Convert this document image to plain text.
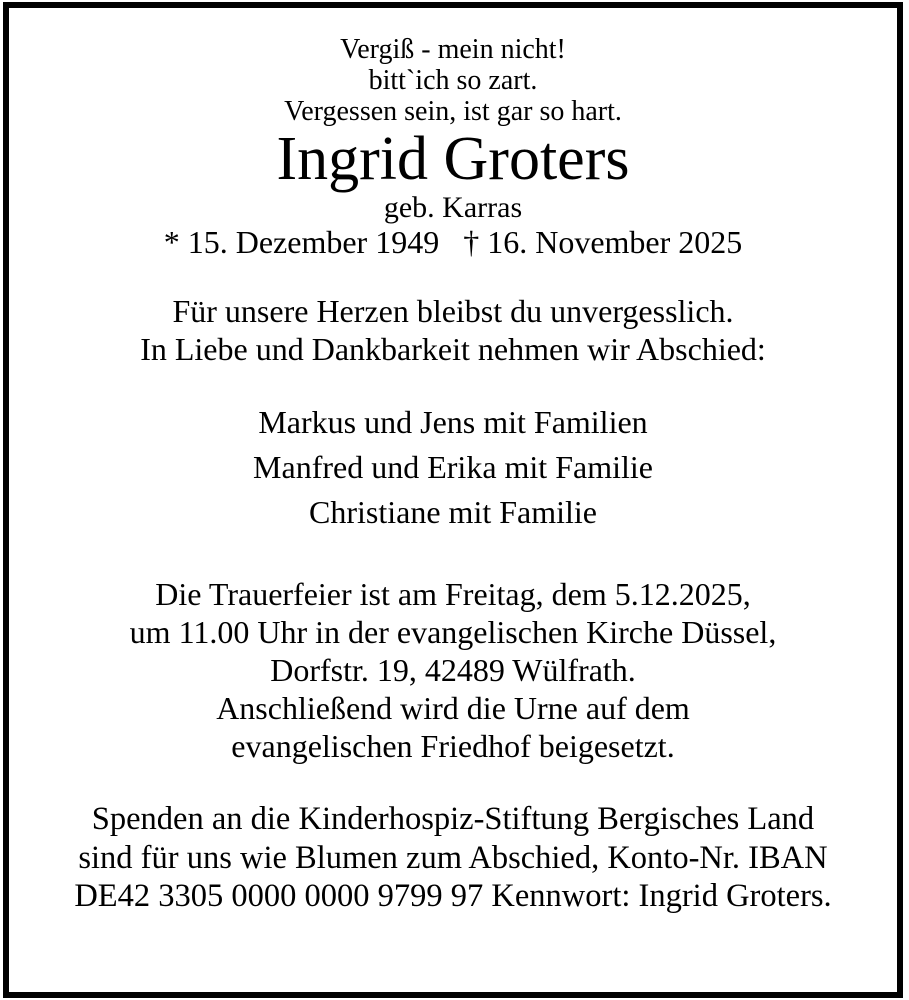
Vergiß - mein nicht!

bitt`ich so zart.

Vergessen sein, ist gar so hart.

Ingrid Groters

geb. Karras

* 15. Dezember 1949 † 16. November 2025

Für unsere Herzen bleibst du unvergesslich.

In Liebe und Dankbarkeit nehmen wir Abschied:

Markus und Jens mit Familien

Manfred und Erika mit Familie

Christiane mit Familie

Die Trauerfeier ist am Freitag, dem 5.12.2025,

um 11.00 Uhr in der evangelischen Kirche Düssel,

Dorfstr. 19, 42489 Wülfrath.

Anschließend wird die Urne auf dem

evangelischen Friedhof beigesetzt.

Spenden an die Kinderhospiz-Stiftung Bergisches Land

sind für uns wie Blumen zum Abschied, Konto-Nr. IBAN

DE42 3305 0000 0000 9799 97 Kennwort: Ingrid Groters.
